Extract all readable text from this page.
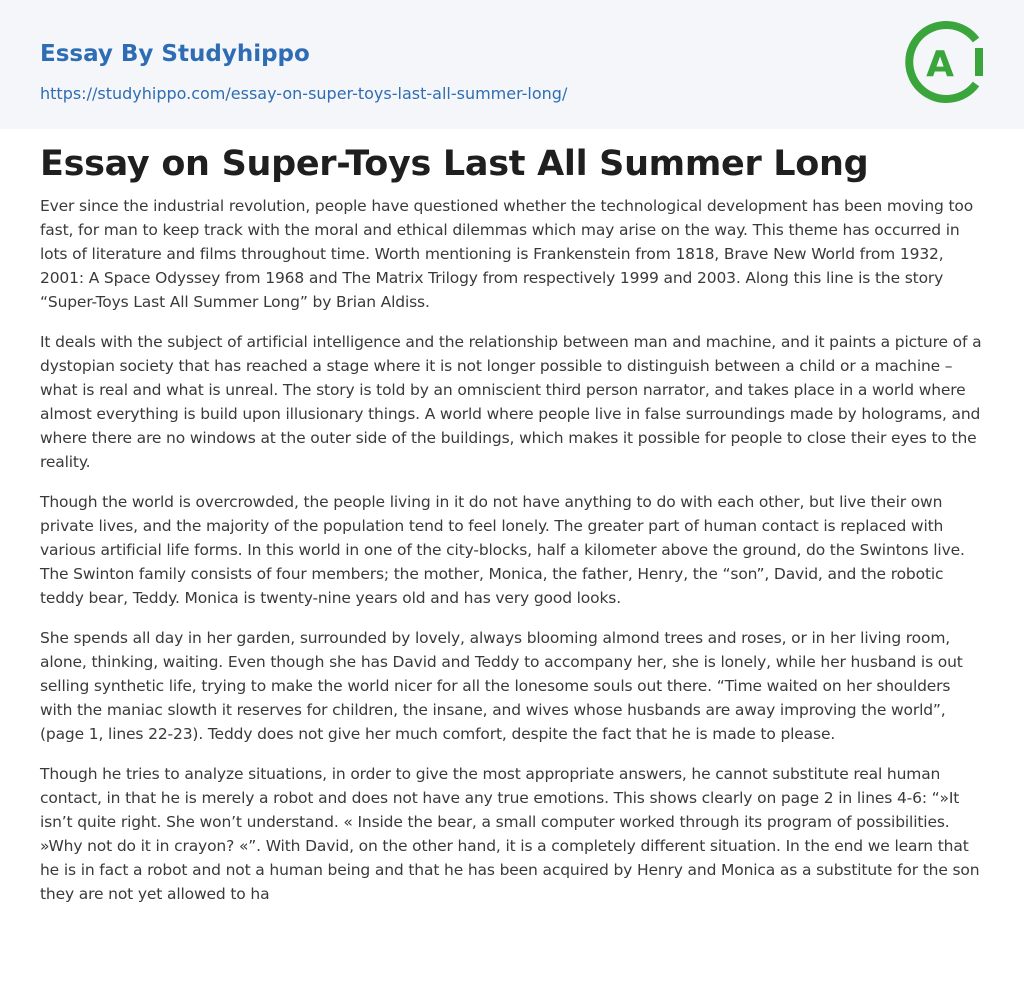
Essay By Studyhippo
https://studyhippo.com/essay-on-super-toys-last-all-summer-long/
A
Essay on Super-Toys Last All Summer Long

Ever since the industrial revolution, people have questioned whether the technological development has been moving too fast, for man to keep track with the moral and ethical dilemmas which may arise on the way. This theme has occurred in lots of literature and films throughout time. Worth mentioning is Frankenstein from 1818, Brave New World from 1932, 2001: A Space Odyssey from 1968 and The Matrix Trilogy from respectively 1999 and 2003. Along this line is the story “Super-Toys Last All Summer Long” by Brian Aldiss.

It deals with the subject of artificial intelligence and the relationship between man and machine, and it paints a picture of a dystopian society that has reached a stage where it is not longer possible to distinguish between a child or a machine – what is real and what is unreal. The story is told by an omniscient third person narrator, and takes place in a world where almost everything is build upon illusionary things. A world where people live in false surroundings made by holograms, and where there are no windows at the outer side of the buildings, which makes it possible for people to close their eyes to the reality.

Though the world is overcrowded, the people living in it do not have anything to do with each other, but live their own private lives, and the majority of the population tend to feel lonely. The greater part of human contact is replaced with various artificial life forms. In this world in one of the city-blocks, half a kilometer above the ground, do the Swintons live. The Swinton family consists of four members; the mother, Monica, the father, Henry, the “son”, David, and the robotic teddy bear, Teddy. Monica is twenty-nine years old and has very good looks.

She spends all day in her garden, surrounded by lovely, always blooming almond trees and roses, or in her living room, alone, thinking, waiting. Even though she has David and Teddy to accompany her, she is lonely, while her husband is out selling synthetic life, trying to make the world nicer for all the lonesome souls out there. “Time waited on her shoulders with the maniac slowth it reserves for children, the insane, and wives whose husbands are away improving the world”, (page 1, lines 22-23). Teddy does not give her much comfort, despite the fact that he is made to please.

Though he tries to analyze situations, in order to give the most appropriate answers, he cannot substitute real human contact, in that he is merely a robot and does not have any true emotions. This shows clearly on page 2 in lines 4-6: “»It isn’t quite right. She won’t understand. « Inside the bear, a small computer worked through its program of possibilities. »Why not do it in crayon? «”. With David, on the other hand, it is a completely different situation. In the end we learn that he is in fact a robot and not a human being and that he has been acquired by Henry and Monica as a substitute for the son they are not yet allowed to ha
